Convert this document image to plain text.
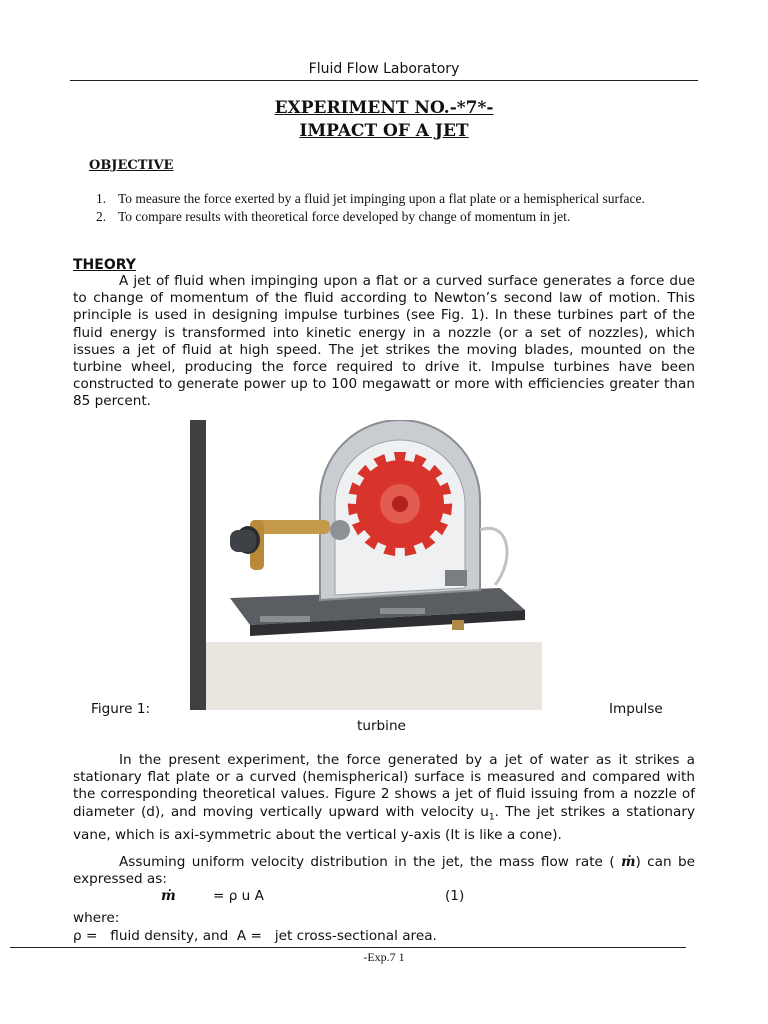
Fluid Flow Laboratory
EXPERIMENT NO.-*7*-
IMPACT OF A JET
OBJECTIVE
1. To measure the force exerted by a fluid jet impinging upon a flat plate or a hemispherical surface.
2. To compare results with theoretical force developed by change of momentum in jet.
THEORY
A jet of fluid when impinging upon a flat or a curved surface generates a force due to change of momentum of the fluid according to Newton’s second law of motion. This principle is used in designing impulse turbines (see Fig. 1). In these turbines part of the fluid energy is transformed into kinetic energy in a nozzle (or a set of nozzles), which issues a jet of fluid at high speed. The jet strikes the moving blades, mounted on the turbine wheel, producing the force required to drive it. Impulse turbines have been constructed to generate power up to 100 megawatt or more with efficiencies greater than 85 percent.
Figure 1:	Impulse
turbine
In the present experiment, the force generated by a jet of water as it strikes a stationary flat plate or a curved (hemispherical) surface is measured and compared with the corresponding theoretical values. Figure 2 shows a jet of fluid issuing from a nozzle of diameter (d), and moving vertically upward with velocity $u_1$. The jet strikes a stationary vane, which is axi-symmetric about the vertical y-axis (It is like a cone).
Assuming uniform velocity distribution in the jet, the mass flow rate ( ṁ) can be expressed as:
ṁ	= ρ u A	(1)
where:
ρ =   fluid density, and  A =   jet cross-sectional area.
-Exp.7 1
